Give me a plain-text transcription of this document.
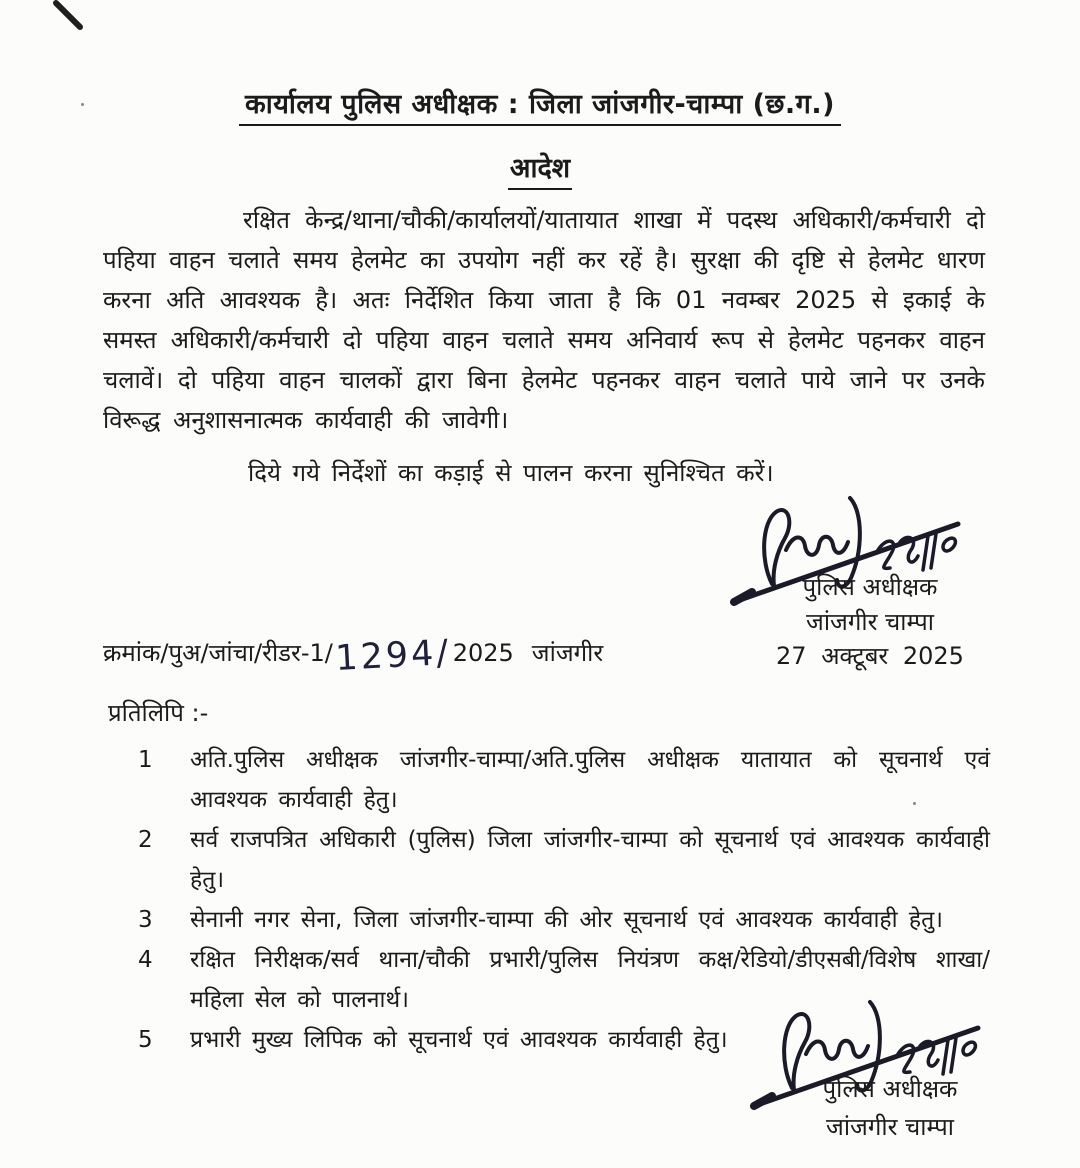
कार्यालय पुलिस अधीक्षक : जिला जांजगीर-चाम्पा (छ.ग.)
आदेश
रक्षित केन्द्र/थाना/चौकी/कार्यालयों/यातायात शाखा में पदस्थ अधिकारी/कर्मचारी दो पहिया वाहन चलाते समय हेलमेट का उपयोग नहीं कर रहें है। सुरक्षा की दृष्टि से हेलमेट धारण करना अति आवश्यक है। अतः निर्देशित किया जाता है कि 01 नवम्बर 2025 से इकाई के समस्त अधिकारी/कर्मचारी दो पहिया वाहन चलाते समय अनिवार्य रूप से हेलमेट पहनकर वाहन चलावें। दो पहिया वाहन चालकों द्वारा बिना हेलमेट पहनकर वाहन चलाते पाये जाने पर उनके विरूद्ध अनुशासनात्मक कार्यवाही की जावेगी।
दिये गये निर्देशों का कड़ाई से पालन करना सुनिश्चित करें।
पुलिस अधीक्षक
जांजगीर चाम्पा
27 अक्टूबर 2025
क्रमांक/पुअ/जांचा/रीडर-1/1294/2025 जांजगीर
प्रतिलिपि :-
1	अति.पुलिस अधीक्षक जांजगीर-चाम्पा/अति.पुलिस अधीक्षक यातायात को सूचनार्थ एवं आवश्यक कार्यवाही हेतु।
2	सर्व राजपत्रित अधिकारी (पुलिस) जिला जांजगीर-चाम्पा को सूचनार्थ एवं आवश्यक कार्यवाही हेतु।
3	सेनानी नगर सेना, जिला जांजगीर-चाम्पा की ओर सूचनार्थ एवं आवश्यक कार्यवाही हेतु।
4	रक्षित निरीक्षक/सर्व थाना/चौकी प्रभारी/पुलिस नियंत्रण कक्ष/रेडियो/डीएसबी/विशेष शाखा/महिला सेल को पालनार्थ।
5	प्रभारी मुख्य लिपिक को सूचनार्थ एवं आवश्यक कार्यवाही हेतु।
पुलिस अधीक्षक
जांजगीर चाम्पा
